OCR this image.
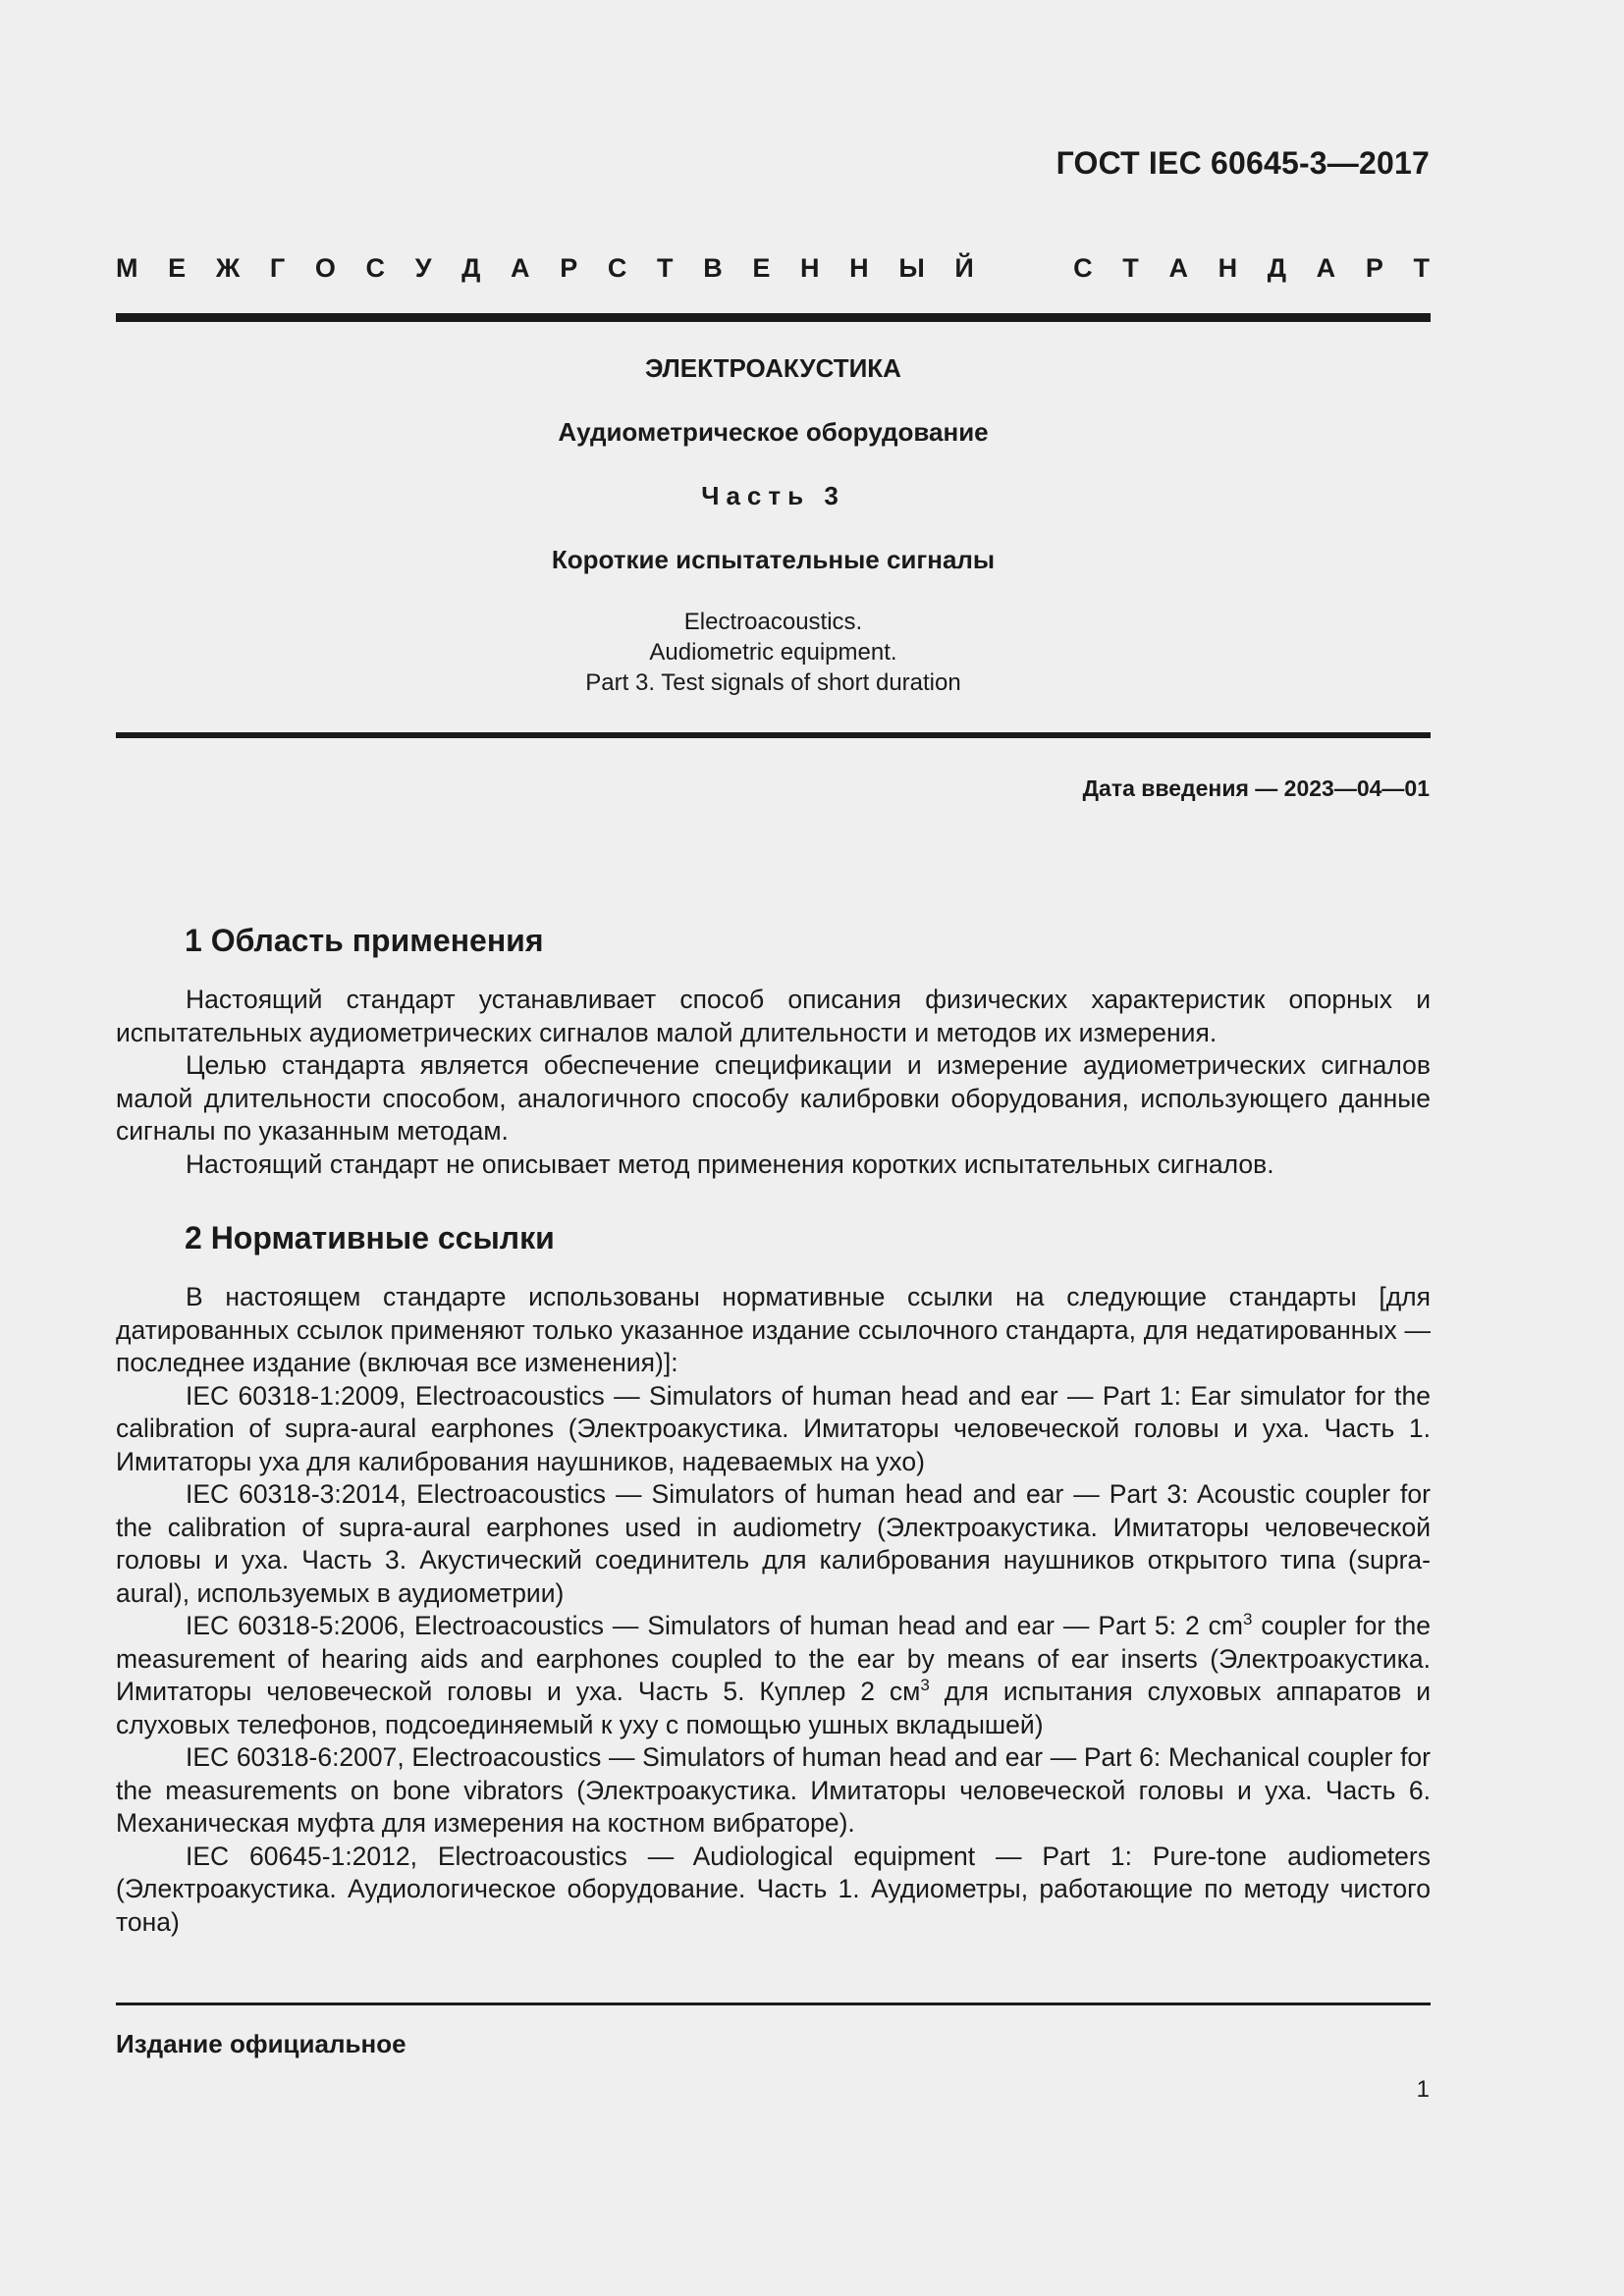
ГОСТ IEC 60645-3—2017
М Е Ж Г О С У Д А Р С Т В Е Н Н Ы Й	С Т А Н Д А Р Т
ЭЛЕКТРОАКУСТИКА
Аудиометрическое оборудование
Часть 3
Короткие испытательные сигналы
Electroacoustics.
Audiometric equipment.
Part 3. Test signals of short duration
Дата введения — 2023—04—01
1 Область применения

Настоящий стандарт устанавливает способ описания физических характеристик опорных и испытательных аудиометрических сигналов малой длительности и методов их измерения.

Целью стандарта является обеспечение спецификации и измерение аудиометрических сигналов малой длительности способом, аналогичного способу калибровки оборудования, использующего данные сигналы по указанным методам.

Настоящий стандарт не описывает метод применения коротких испытательных сигналов.

2 Нормативные ссылки

В настоящем стандарте использованы нормативные ссылки на следующие стандарты [для датированных ссылок применяют только указанное издание ссылочного стандарта, для недатированных — последнее издание (включая все изменения)]:

IEC 60318-1:2009, Electroacoustics — Simulators of human head and ear — Part 1: Ear simulator for the calibration of supra-aural earphones (Электроакустика. Имитаторы человеческой головы и уха. Часть 1. Имитаторы уха для калибрования наушников, надеваемых на ухо)

IEC 60318-3:2014, Electroacoustics — Simulators of human head and ear — Part 3: Acoustic coupler for the calibration of supra-aural earphones used in audiometry (Электроакустика. Имитаторы человеческой головы и уха. Часть 3. Акустический соединитель для калибрования наушников открытого типа (supra-aural), используемых в аудиометрии)

IEC 60318-5:2006, Electroacoustics — Simulators of human head and ear — Part 5: 2 $cm^3$ coupler for the measurement of hearing aids and earphones coupled to the ear by means of ear inserts (Электроакустика. Имитаторы человеческой головы и уха. Часть 5. Куплер 2 $см^3$ для испытания слуховых аппаратов и слуховых телефонов, подсоединяемый к уху с помощью ушных вкладышей)

IEC 60318-6:2007, Electroacoustics — Simulators of human head and ear — Part 6: Mechanical coupler for the measurements on bone vibrators (Электроакустика. Имитаторы человеческой головы и уха. Часть 6. Механическая муфта для измерения на костном вибраторе).

IEC 60645-1:2012, Electroacoustics — Audiological equipment — Part 1: Pure-tone audiometers (Электроакустика. Аудиологическое оборудование. Часть 1. Аудиометры, работающие по методу чистого тона)

Издание официальное
1
